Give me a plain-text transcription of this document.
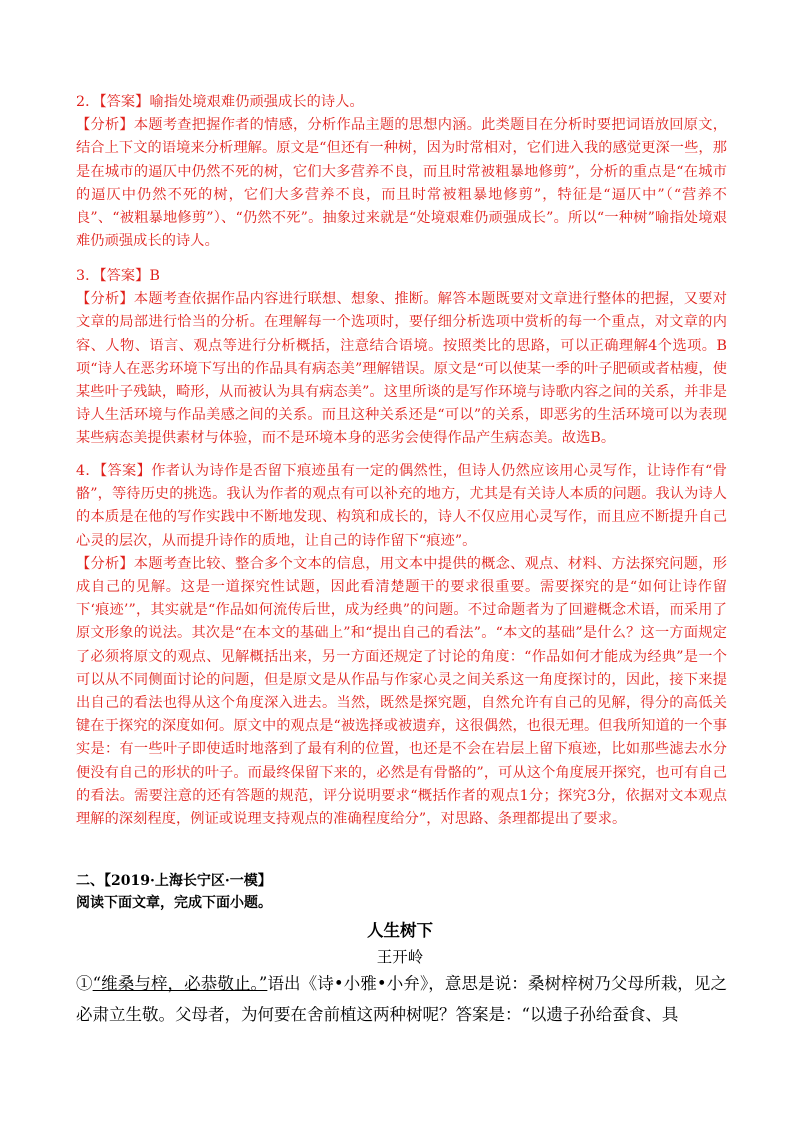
2．【答案】喻指处境艰难仍顽强成长的诗人。

【分析】本题考查把握作者的情感，分析作品主题的思想内涵。此类题目在分析时要把词语放回原文，结合上下文的语境来分析理解。原文是“但还有一种树，因为时常相对，它们进入我的感觉更深一些，那是在城市的逼仄中仍然不死的树，它们大多营养不良，而且时常被粗暴地修剪”，分析的重点是“在城市的逼仄中仍然不死的树，它们大多营养不良，而且时常被粗暴地修剪”，特征是“逼仄中”（“营养不良”、“被粗暴地修剪”）、“仍然不死”。抽象过来就是“处境艰难仍顽强成长”。所以“一种树”喻指处境艰难仍顽强成长的诗人。

3．【答案】B

【分析】本题考查依据作品内容进行联想、想象、推断。解答本题既要对文章进行整体的把握，又要对文章的局部进行恰当的分析。在理解每一个选项时，要仔细分析选项中赏析的每一个重点，对文章的内容、人物、语言、观点等进行分析概括，注意结合语境。按照类比的思路，可以正确理解4个选项。B项“诗人在恶劣环境下写出的作品具有病态美”理解错误。原文是“可以使某一季的叶子肥硕或者枯瘦，使某些叶子残缺，畸形，从而被认为具有病态美”。这里所谈的是写作环境与诗歌内容之间的关系，并非是诗人生活环境与作品美感之间的关系。而且这种关系还是“可以”的关系，即恶劣的生活环境可以为表现某些病态美提供素材与体验，而不是环境本身的恶劣会使得作品产生病态美。故选B。

4．【答案】作者认为诗作是否留下痕迹虽有一定的偶然性，但诗人仍然应该用心灵写作，让诗作有“骨骼”，等待历史的挑选。我认为作者的观点有可以补充的地方，尤其是有关诗人本质的问题。我认为诗人的本质是在他的写作实践中不断地发现、构筑和成长的，诗人不仅应用心灵写作，而且应不断提升自己心灵的层次，从而提升诗作的质地，让自己的诗作留下“痕迹”。

【分析】本题考查比较、整合多个文本的信息，用文本中提供的概念、观点、材料、方法探究问题，形成自己的见解。这是一道探究性试题，因此看清楚题干的要求很重要。需要探究的是“如何让诗作留下‘痕迹’”，其实就是“作品如何流传后世，成为经典”的问题。不过命题者为了回避概念术语，而采用了原文形象的说法。其次是“在本文的基础上”和“提出自己的看法”。“本文的基础”是什么？这一方面规定了必须将原文的观点、见解概括出来，另一方面还规定了讨论的角度：“作品如何才能成为经典”是一个可以从不同侧面讨论的问题，但是原文是从作品与作家心灵之间关系这一角度探讨的，因此，接下来提出自己的看法也得从这个角度深入进去。当然，既然是探究题，自然允许有自己的见解，得分的高低关键在于探究的深度如何。原文中的观点是“被选择或被遗弃，这很偶然，也很无理。但我所知道的一个事实是：有一些叶子即使适时地落到了最有利的位置，也还是不会在岩层上留下痕迹，比如那些滤去水分便没有自己的形状的叶子。而最终保留下来的，必然是有骨骼的”，可从这个角度展开探究，也可有自己的看法。需要注意的还有答题的规范，评分说明要求“概括作者的观点1分；探究3分，依据对文本观点理解的深刻程度，例证或说理支持观点的准确程度给分”，对思路、条理都提出了要求。

二、【2019·上海长宁区·一模】
阅读下面文章，完成下面小题。
人生树下
王开岭

①“维桑与梓，必恭敬止。”语出《诗•小雅•小弁》，意思是说：桑树梓树乃父母所栽，见之必肃立生敬。父母者，为何要在舍前植这两种树呢？答案是：“以遗子孙给蚕食、具
